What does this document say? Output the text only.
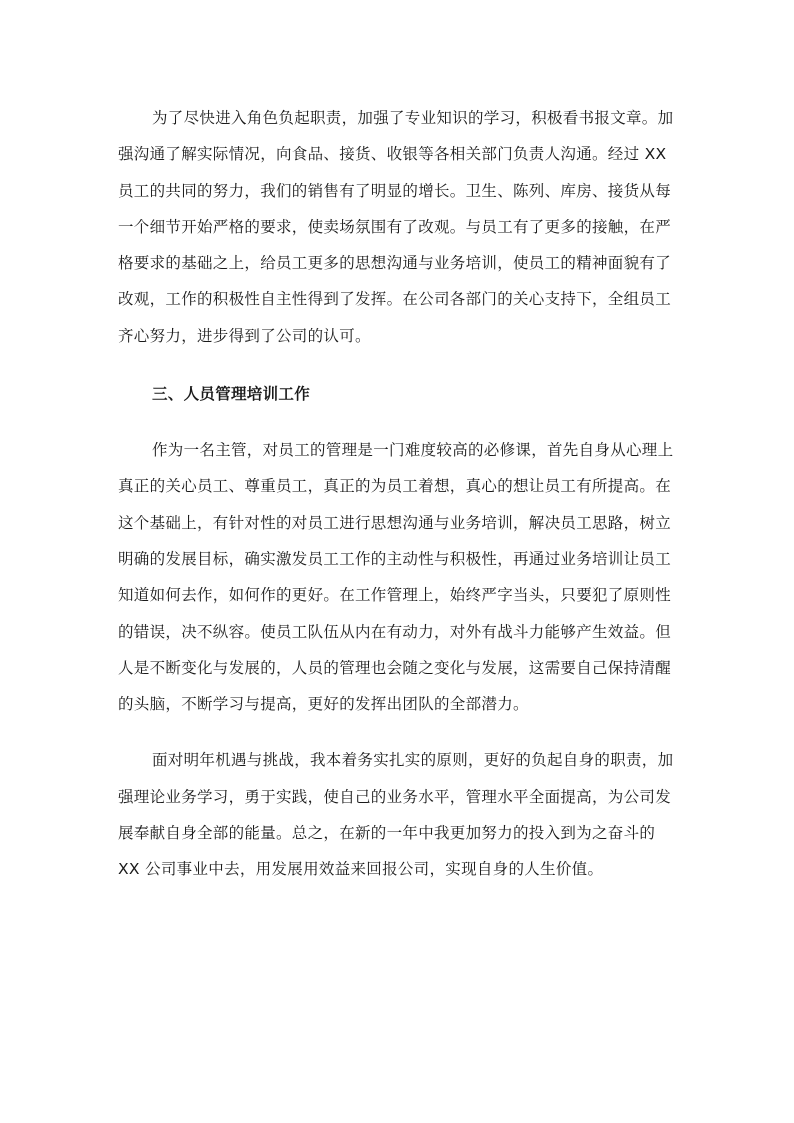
为了尽快进入角色负起职责，加强了专业知识的学习，积极看书报文章。加
强沟通了解实际情况，向食品、接货、收银等各相关部门负责人沟通。经过 XX
员工的共同的努力，我们的销售有了明显的增长。卫生、陈列、库房、接货从每
一个细节开始严格的要求，使卖场氛围有了改观。与员工有了更多的接触，在严
格要求的基础之上，给员工更多的思想沟通与业务培训，使员工的精神面貌有了
改观，工作的积极性自主性得到了发挥。在公司各部门的关心支持下，全组员工
齐心努力，进步得到了公司的认可。

三、人员管理培训工作

作为一名主管，对员工的管理是一门难度较高的必修课，首先自身从心理上
真正的关心员工、尊重员工，真正的为员工着想，真心的想让员工有所提高。在
这个基础上，有针对性的对员工进行思想沟通与业务培训，解决员工思路，树立
明确的发展目标，确实激发员工工作的主动性与积极性，再通过业务培训让员工
知道如何去作，如何作的更好。在工作管理上，始终严字当头，只要犯了原则性
的错误，决不纵容。使员工队伍从内在有动力，对外有战斗力能够产生效益。但
人是不断变化与发展的，人员的管理也会随之变化与发展，这需要自己保持清醒
的头脑，不断学习与提高，更好的发挥出团队的全部潜力。

面对明年机遇与挑战，我本着务实扎实的原则，更好的负起自身的职责，加
强理论业务学习，勇于实践，使自己的业务水平，管理水平全面提高，为公司发
展奉献自身全部的能量。总之，在新的一年中我更加努力的投入到为之奋斗的
XX 公司事业中去，用发展用效益来回报公司，实现自身的人生价值。
